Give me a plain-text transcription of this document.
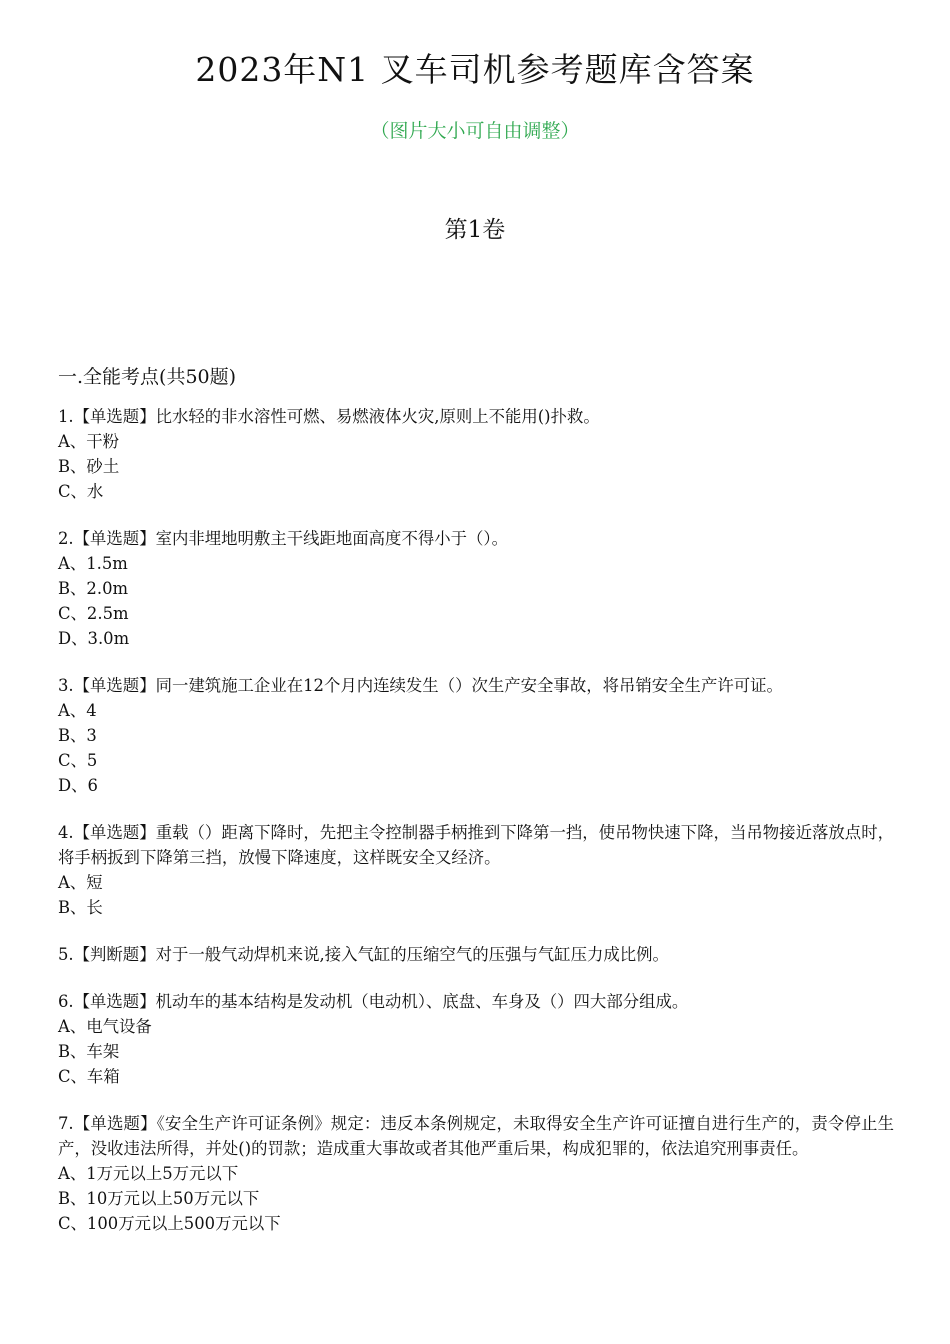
2023年N1 叉车司机参考题库含答案

（图片大小可自由调整）

第1卷

一.全能考点(共50题)

1.【单选题】比水轻的非水溶性可燃、易燃液体火灾,原则上不能用()扑救。

A、干粉

B、砂土

C、水

2.【单选题】室内非埋地明敷主干线距地面高度不得小于（）。

A、1.5m

B、2.0m

C、2.5m

D、3.0m

3.【单选题】同一建筑施工企业在12个月内连续发生（）次生产安全事故，将吊销安全生产许可证。

A、4

B、3

C、5

D、6

4.【单选题】重载（）距离下降时，先把主令控制器手柄推到下降第一挡，使吊物快速下降，当吊物接近落放点时，将手柄扳到下降第三挡，放慢下降速度，这样既安全又经济。

A、短

B、长

5.【判断题】对于一般气动焊机来说,接入气缸的压缩空气的压强与气缸压力成比例。

6.【单选题】机动车的基本结构是发动机（电动机）、底盘、车身及（）四大部分组成。

A、电气设备

B、车架

C、车箱

7.【单选题】《安全生产许可证条例》规定：违反本条例规定，未取得安全生产许可证擅自进行生产的，责令停止生产，没收违法所得，并处()的罚款；造成重大事故或者其他严重后果，构成犯罪的，依法追究刑事责任。

A、1万元以上5万元以下

B、10万元以上50万元以下

C、100万元以上500万元以下
